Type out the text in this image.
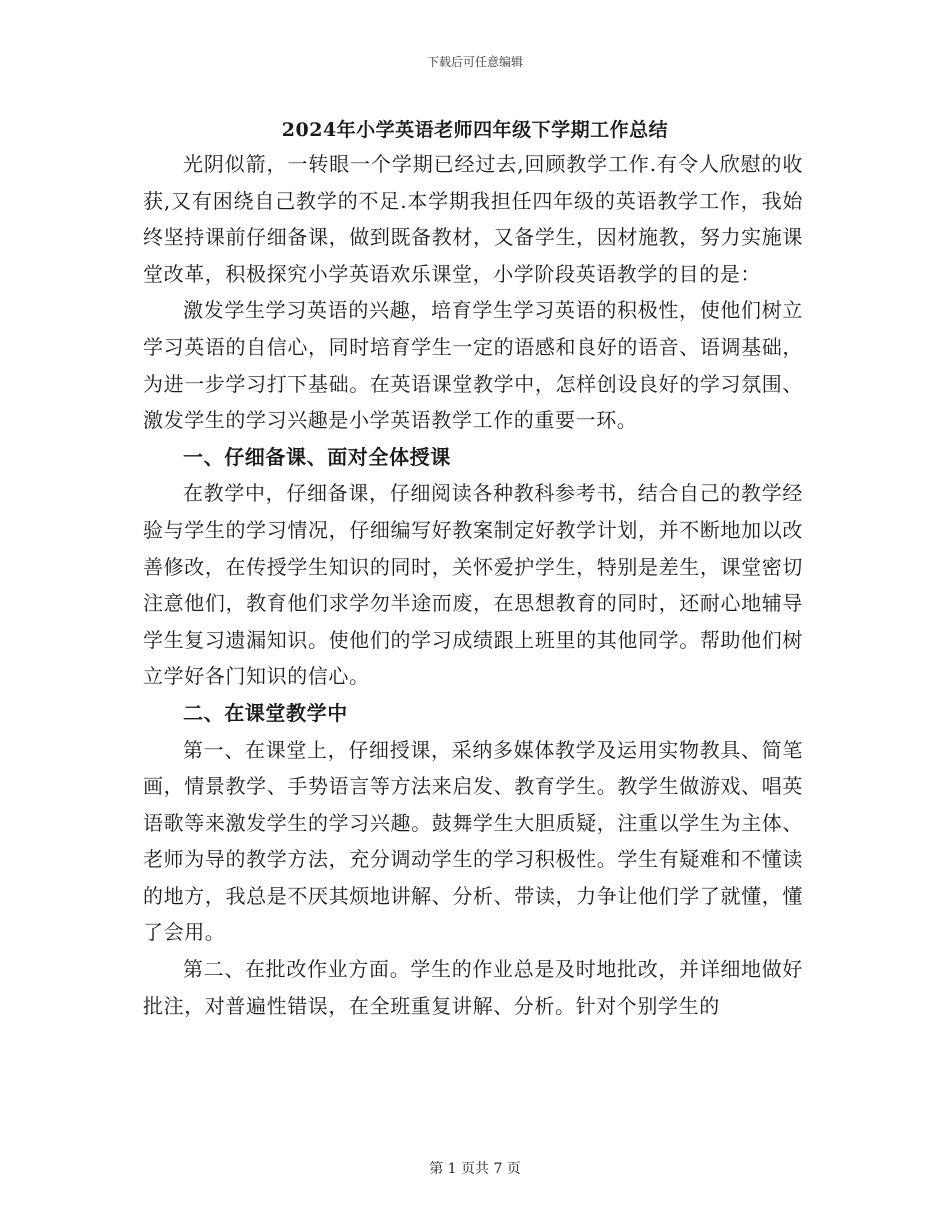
下载后可任意编辑
2024年小学英语老师四年级下学期工作总结

光阴似箭，一转眼一个学期已经过去,回顾教学工作.有令人欣慰的收获,又有困绕自己教学的不足.本学期我担任四年级的英语教学工作，我始终坚持课前仔细备课，做到既备教材，又备学生，因材施教，努力实施课堂改革，积极探究小学英语欢乐课堂，小学阶段英语教学的目的是：

激发学生学习英语的兴趣，培育学生学习英语的积极性，使他们树立学习英语的自信心，同时培育学生一定的语感和良好的语音、语调基础，为进一步学习打下基础。在英语课堂教学中，怎样创设良好的学习氛围、激发学生的学习兴趣是小学英语教学工作的重要一环。

一、仔细备课、面对全体授课

在教学中，仔细备课，仔细阅读各种教科参考书，结合自己的教学经验与学生的学习情况，仔细编写好教案制定好教学计划，并不断地加以改善修改，在传授学生知识的同时，关怀爱护学生，特别是差生，课堂密切注意他们，教育他们求学勿半途而废，在思想教育的同时，还耐心地辅导学生复习遗漏知识。使他们的学习成绩跟上班里的其他同学。帮助他们树立学好各门知识的信心。

二、在课堂教学中

第一、在课堂上，仔细授课，采纳多媒体教学及运用实物教具、简笔画，情景教学、手势语言等方法来启发、教育学生。教学生做游戏、唱英语歌等来激发学生的学习兴趣。鼓舞学生大胆质疑，注重以学生为主体、老师为导的教学方法，充分调动学生的学习积极性。学生有疑难和不懂读的地方，我总是不厌其烦地讲解、分析、带读，力争让他们学了就懂，懂了会用。

第二、在批改作业方面。学生的作业总是及时地批改，并详细地做好批注，对普遍性错误，在全班重复讲解、分析。针对个别学生的

第 1 页共 7 页
